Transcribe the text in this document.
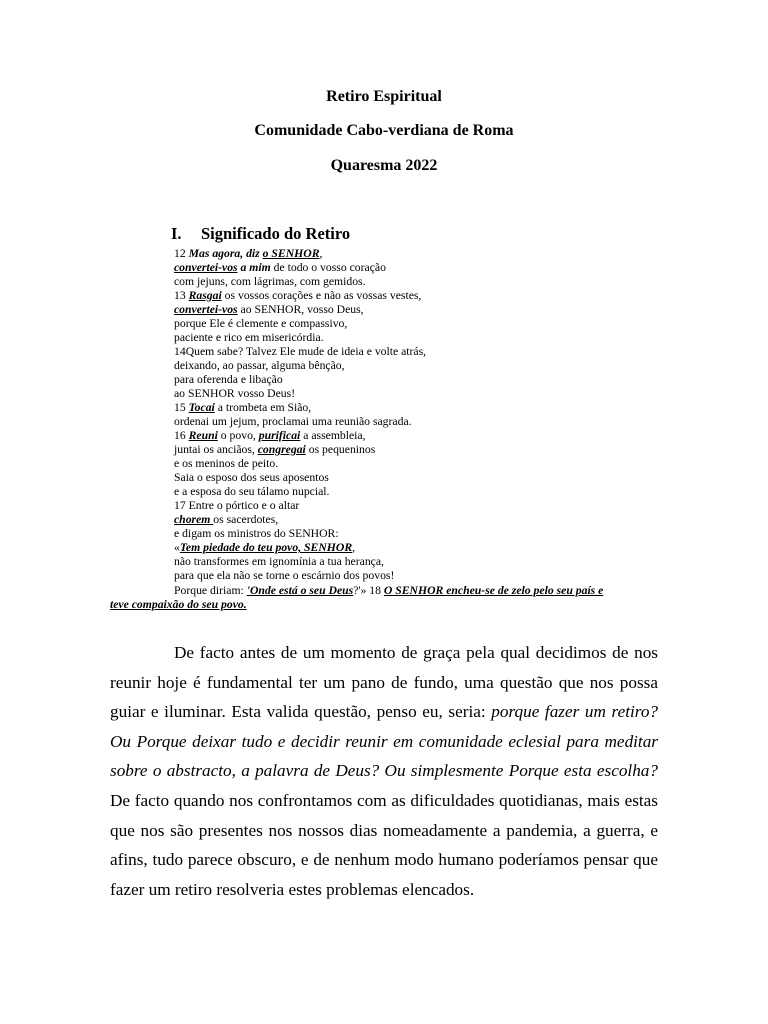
Retiro Espiritual
Comunidade Cabo-verdiana de Roma
Quaresma 2022
I. Significado do Retiro
12 Mas agora, diz o SENHOR,
convertei-vos a mim de todo o vosso coração
com jejuns, com lágrimas, com gemidos.
13 Rasgai os vossos corações e não as vossas vestes,
convertei-vos ao SENHOR, vosso Deus,
porque Ele é clemente e compassivo,
paciente e rico em misericórdia.
14Quem sabe? Talvez Ele mude de ideia e volte atrás,
deixando, ao passar, alguma bênção,
para oferenda e libação
ao SENHOR vosso Deus!
15 Tocai a trombeta em Sião,
ordenai um jejum, proclamai uma reunião sagrada.
16 Reuni o povo, purificai a assembleia,
juntai os anciãos, congregai os pequeninos
e os meninos de peito.
Saia o esposo dos seus aposentos
e a esposa do seu tálamo nupcial.
17 Entre o pórtico e o altar
chorem os sacerdotes,
e digam os ministros do SENHOR:
«Tem piedade do teu povo, SENHOR,
não transformes em ignomínia a tua herança,
para que ela não se torne o escárnio dos povos!
Porque diriam: 'Onde está o seu Deus?'» 18 O SENHOR encheu-se de zelo pelo seu país e
teve compaixão do seu povo.

De facto antes de um momento de graça pela qual decidimos de nos reunir hoje é fundamental ter um pano de fundo, uma questão que nos possa guiar e iluminar. Esta valida questão, penso eu, seria: porque fazer um retiro? Ou Porque deixar tudo e decidir reunir em comunidade eclesial para meditar sobre o abstracto, a palavra de Deus? Ou simplesmente Porque esta escolha? De facto quando nos confrontamos com as dificuldades quotidianas, mais estas que nos são presentes nos nossos dias nomeadamente a pandemia, a guerra, e afins, tudo parece obscuro, e de nenhum modo humano poderíamos pensar que fazer um retiro resolveria estes problemas elencados.
